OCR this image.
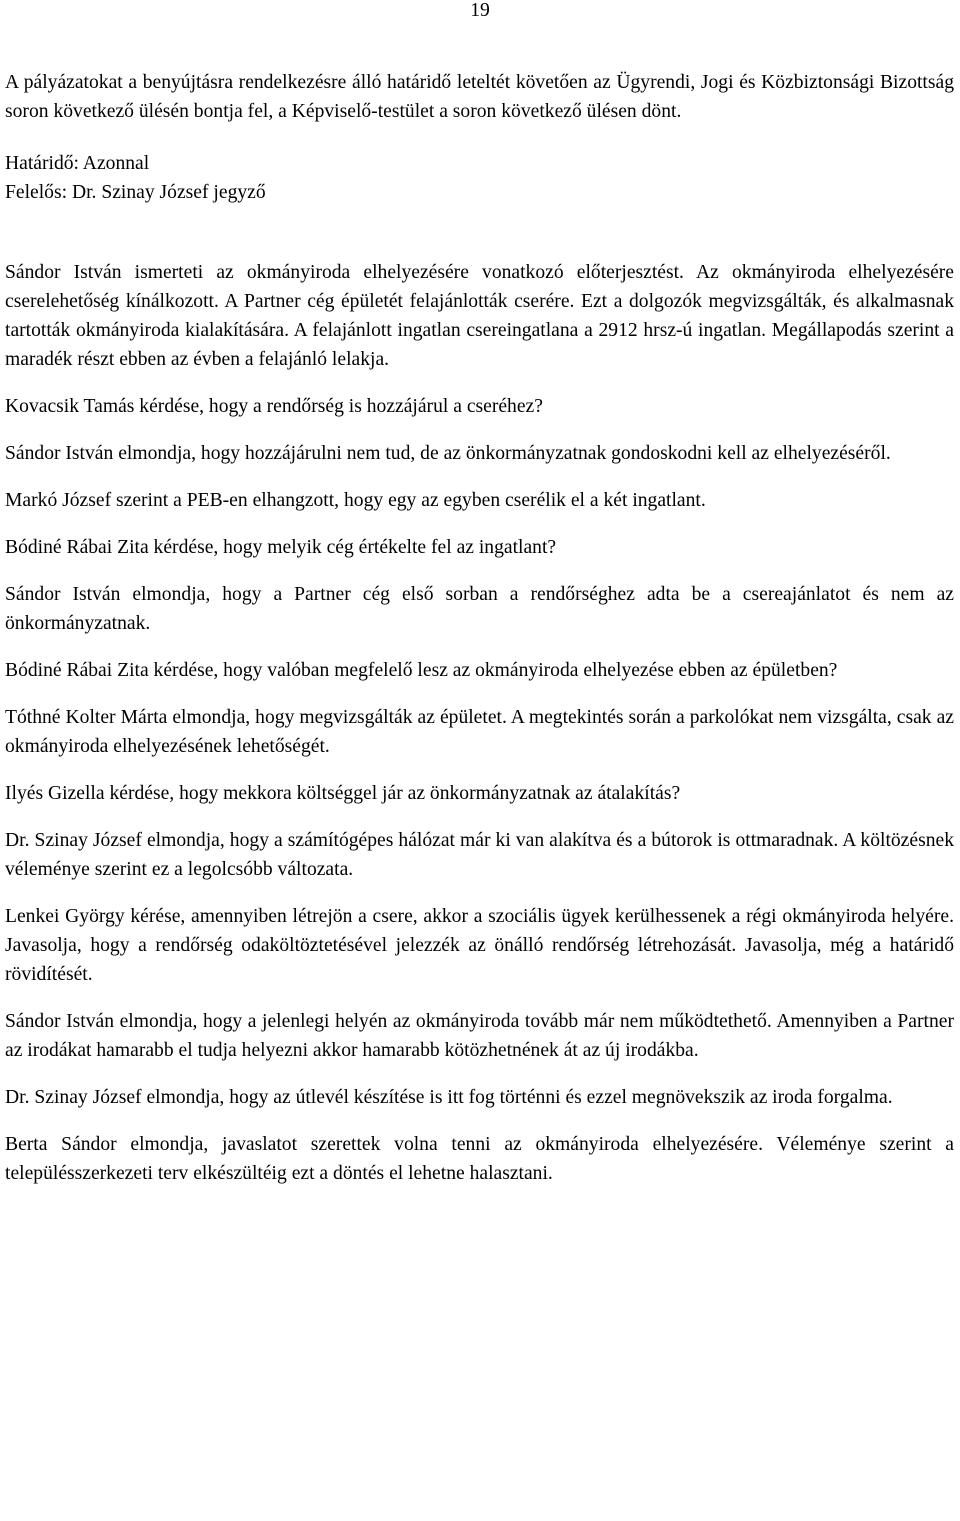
19

A pályázatokat a benyújtásra rendelkezésre álló határidő leteltét követően az Ügyrendi, Jogi és Közbiztonsági Bizottság soron következő ülésén bontja fel, a Képviselő-testület a soron következő ülésen dönt.

Határidő: Azonnal

Felelős: Dr. Szinay József jegyző

Sándor István ismerteti az okmányiroda elhelyezésére vonatkozó előterjesztést. Az okmányiroda elhelyezésére cserelehetőség kínálkozott. A Partner cég épületét felajánlották cserére. Ezt a dolgozók megvizsgálták, és alkalmasnak tartották okmányiroda kialakítására. A felajánlott ingatlan csereingatlana a 2912 hrsz-ú ingatlan. Megállapodás szerint a maradék részt ebben az évben a felajánló lelakja.

Kovacsik Tamás kérdése, hogy a rendőrség is hozzájárul a cseréhez?

Sándor István elmondja, hogy hozzájárulni nem tud, de az önkormányzatnak gondoskodni kell az elhelyezéséről.

Markó József szerint a PEB-en elhangzott, hogy egy az egyben cserélik el a két ingatlant.

Bódiné Rábai Zita kérdése, hogy melyik cég értékelte fel az ingatlant?

Sándor István elmondja, hogy a Partner cég első sorban a rendőrséghez adta be a csereajánlatot és nem az önkormányzatnak.

Bódiné Rábai Zita kérdése, hogy valóban megfelelő lesz az okmányiroda elhelyezése ebben az épületben?

Tóthné Kolter Márta elmondja, hogy megvizsgálták az épületet. A megtekintés során a parkolókat nem vizsgálta, csak az okmányiroda elhelyezésének lehetőségét.

Ilyés Gizella kérdése, hogy mekkora költséggel jár az önkormányzatnak az átalakítás?

Dr. Szinay József elmondja, hogy a számítógépes hálózat már ki van alakítva és a bútorok is ottmaradnak. A költözésnek véleménye szerint ez a legolcsóbb változata.

Lenkei György kérése, amennyiben létrejön a csere, akkor a szociális ügyek kerülhessenek a régi okmányiroda helyére. Javasolja, hogy a rendőrség odaköltöztetésével jelezzék az önálló rendőrség létrehozását. Javasolja, még a határidő rövidítését.

Sándor István elmondja, hogy a jelenlegi helyén az okmányiroda tovább már nem működtethető. Amennyiben a Partner az irodákat hamarabb el tudja helyezni akkor hamarabb kötözhetnének át az új irodákba.

Dr. Szinay József elmondja, hogy az útlevél készítése is itt fog történni és ezzel megnövekszik az iroda forgalma.

Berta Sándor elmondja, javaslatot szerettek volna tenni az okmányiroda elhelyezésére. Véleménye szerint a településszerkezeti terv elkészültéig ezt a döntés el lehetne halasztani.
